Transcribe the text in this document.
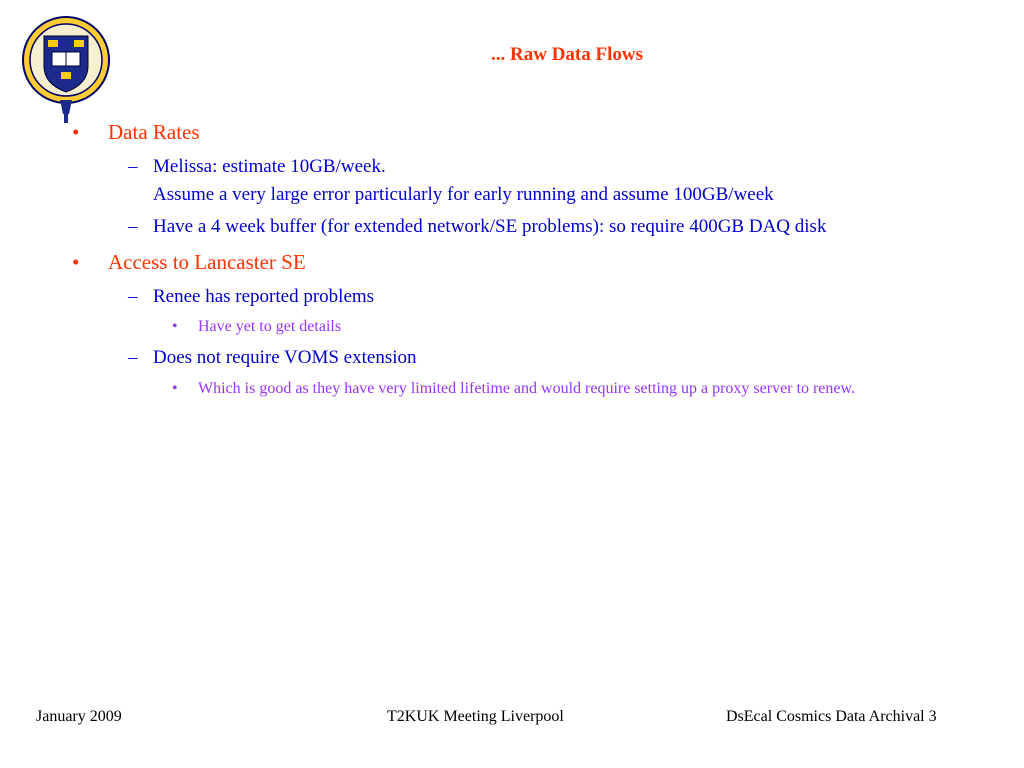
... Raw Data Flows
• Data Rates
– Melissa: estimate 10GB/week.
Assume a very large error particularly for early running and assume 100GB/week
– Have a 4 week buffer (for extended network/SE problems): so require 400GB DAQ disk
• Access to Lancaster SE
– Renee has reported problems
• Have yet to get details
– Does not require VOMS extension
• Which is good as they have very limited lifetime and would require setting up a proxy server to renew.
January 2009	T2KUK Meeting Liverpool	DsEcal Cosmics Data Archival 3
